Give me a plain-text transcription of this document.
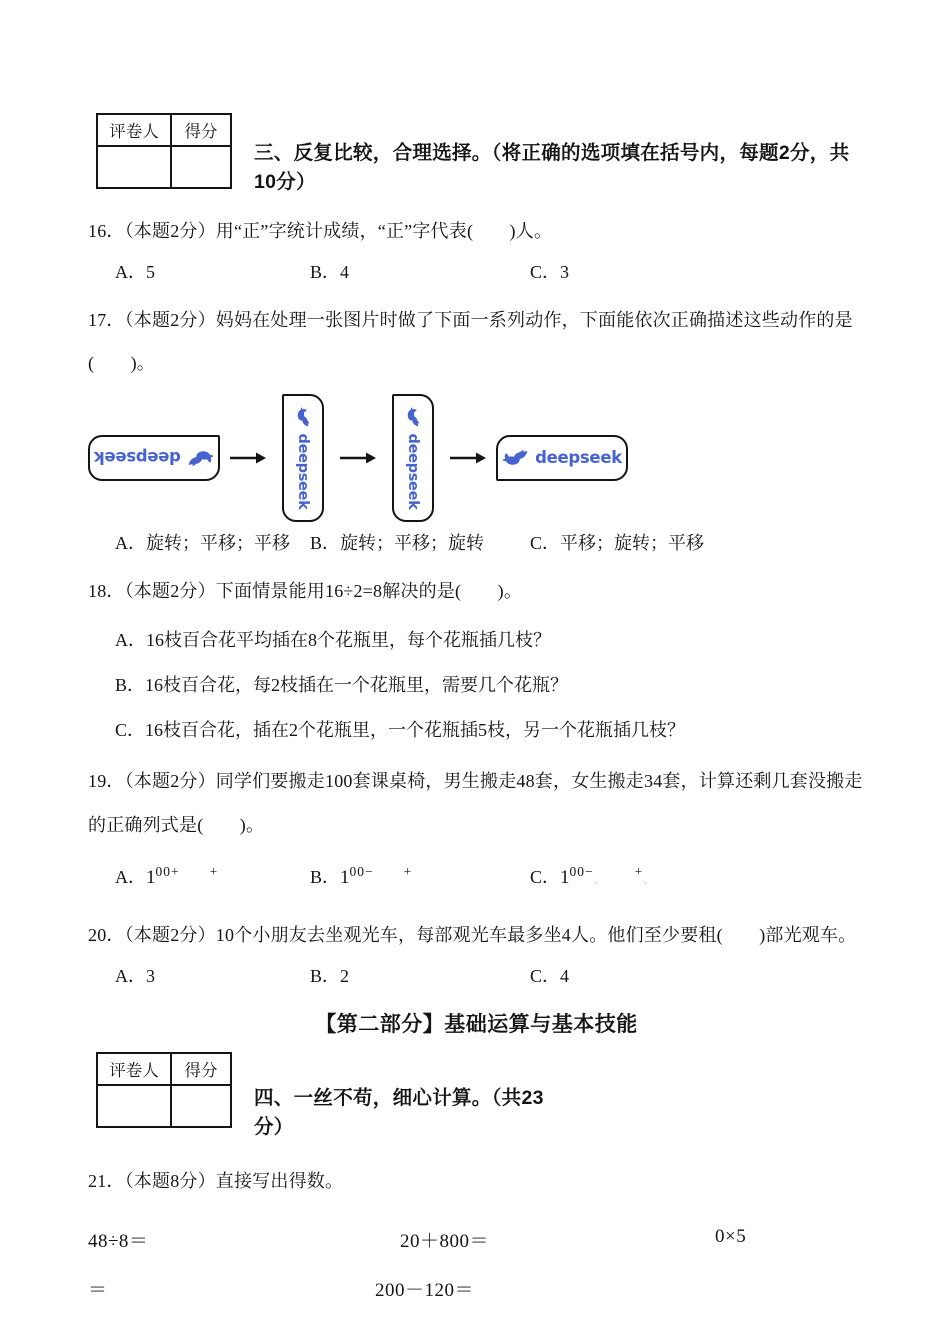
评卷人	得分

三、反复比较，合理选择。（将正确的选项填在括号内，每题2分，共10分）

16．（本题2分）用“正”字统计成绩，“正”字代表(　　)人。

A．5	B．4	C．3

17．（本题2分）妈妈在处理一张图片时做了下面一系列动作，下面能依次正确描述这些动作的是(　　)。

deepseek	deepseek	deepseek	deepseek
A．旋转；平移；平移	B．旋转；平移；旋转	C．平移；旋转；平移

18．（本题2分）下面情景能用16÷2=8解决的是(　　)。

A．16枝百合花平均插在8个花瓶里，每个花瓶插几枝？

B．16枝百合花，每2枝插在一个花瓶里，需要几个花瓶？

C．16枝百合花，插在2个花瓶里，一个花瓶插5枝，另一个花瓶插几枝？

19．（本题2分）同学们要搬走100套课桌椅，男生搬走48套，女生搬走34套，计算还剩几套没搬走的正确列式是(　　)。

A．$1^{00+}$ +	B．$1^{00-}$ +	C．$1^{00-}$、+、

20．（本题2分）10个小朋友去坐观光车，每部观光车最多坐4人。他们至少要租(　　)部光观车。

A．3	B．2	C．4
【第二部分】基础运算与基本技能
评卷人	得分

四、一丝不苟，细心计算。（共23分）

21．（本题8分）直接写出得数。

48÷8＝	20＋800＝	0×5
＝	200－120＝
